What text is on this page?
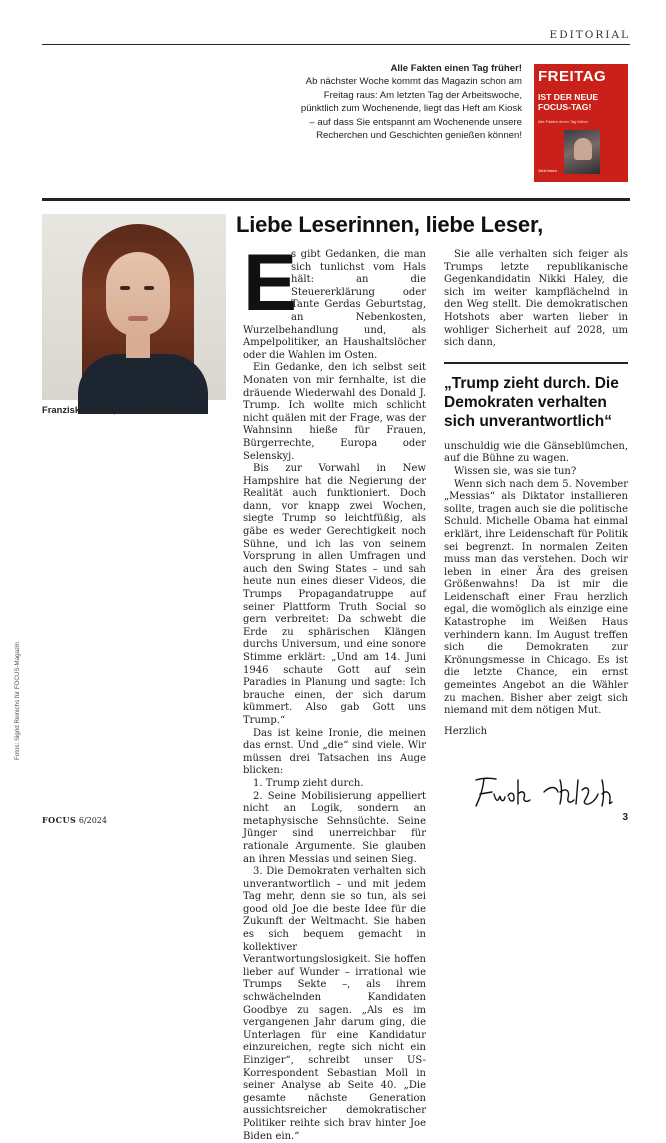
EDITORIAL
Alle Fakten einen Tag früher!
Ab nächster Woche kommt das Magazin schon am Freitag raus: Am letzten Tag der Arbeitswoche, pünktlich zum Wochenende, liegt das Heft am Kiosk – auf dass Sie entspannt am Wochenende unsere Recherchen und Geschichten genießen können!
FREITAG
IST DER NEUE FOCUS-TAG!
Alle Fakten einen Tag früher
Jetzt lesen
Franziska Reich, Chefredakteurin
Liebe Leserinnen, liebe Leser,

E
s gibt Gedanken, die man sich tunlichst vom Hals hält: an die Steuererklärung oder Tante Gerdas Geburtstag, an Nebenkosten, Wurzelbehandlung und, als Ampelpolitiker, an Haushaltslöcher oder die Wahlen im Osten.

Ein Gedanke, den ich selbst seit Monaten von mir fernhalte, ist die dräuende Wiederwahl des Donald J. Trump. Ich wollte mich schlicht nicht quälen mit der Frage, was der Wahnsinn hieße für Frauen, Bürgerrechte, Europa oder Selenskyj.

Bis zur Vorwahl in New Hampshire hat die Negierung der Realität auch funktioniert. Doch dann, vor knapp zwei Wochen, siegte Trump so leichtfüßig, als gäbe es weder Gerechtigkeit noch Sühne, und ich las von seinem Vorsprung in allen Umfragen und auch den Swing States – und sah heute nun eines dieser Videos, die Trumps Propagandatruppe auf seiner Plattform Truth Social so gern verbreitet: Da schwebt die Erde zu sphärischen Klängen durchs Universum, und eine sonore Stimme erklärt: „Und am 14. Juni 1946 schaute Gott auf sein Paradies in Planung und sagte: Ich brauche einen, der sich darum kümmert. Also gab Gott uns Trump.“

Das ist keine Ironie, die meinen das ernst. Und „die“ sind viele. Wir müssen drei Tatsachen ins Auge blicken:

1. Trump zieht durch.

2. Seine Mobilisierung appelliert nicht an Logik, sondern an metaphysische Sehnsüchte. Seine Jünger sind unerreichbar für rationale Argumente. Sie glauben an ihren Messias und seinen Sieg.

3. Die Demokraten verhalten sich unverantwortlich – und mit jedem Tag mehr, denn sie so tun, als sei good old Joe die beste Idee für die Zukunft der Weltmacht. Sie haben es sich bequem gemacht in kollektiver Verantwortungslosigkeit. Sie hoffen lieber auf Wunder – irrational wie Trumps Sekte –, als ihrem schwächelnden Kandidaten Goodbye zu sagen. „Als es im vergangenen Jahr darum ging, die Unterlagen für eine Kandidatur einzureichen, regte sich nicht ein Einziger“, schreibt unser US-Korrespondent Sebastian Moll in seiner Analyse ab Seite 40. „Die gesamte nächste Generation aussichtsreicher demokratischer Politiker reihte sich brav hinter Joe Biden ein.“

Sie alle verhalten sich feiger als Trumps letzte republikanische Gegenkandidatin Nikki Haley, die sich im weiter kampflächelnd in den Weg stellt. Die demokratischen Hotshots aber warten lieber in wohliger Sicherheit auf 2028, um sich dann,

„Trump zieht durch. Die Demokraten verhalten sich unverantwortlich“

unschuldig wie die Gänseblümchen, auf die Bühne zu wagen.

Wissen sie, was sie tun?

Wenn sich nach dem 5. November „Messias“ als Diktator installieren sollte, tragen auch sie die politische Schuld. Michelle Obama hat einmal erklärt, ihre Leidenschaft für Politik sei begrenzt. In normalen Zeiten muss man das verstehen. Doch wir leben in einer Ära des greisen Größenwahns! Da ist mir die Leidenschaft einer Frau herzlich egal, die womöglich als einzige eine Katastrophe im Weißen Haus verhindern kann. Im August treffen sich die Demokraten zur Krönungsmesse in Chicago. Es ist die letzte Chance, ein ernst gemeintes Angebot an die Wähler zu machen. Bisher aber zeigt sich niemand mit dem nötigen Mut.

Herzlich

Fotos: Sigrid Reinichs für FOCUS-Magazin
FOCUS 6/2024	3
